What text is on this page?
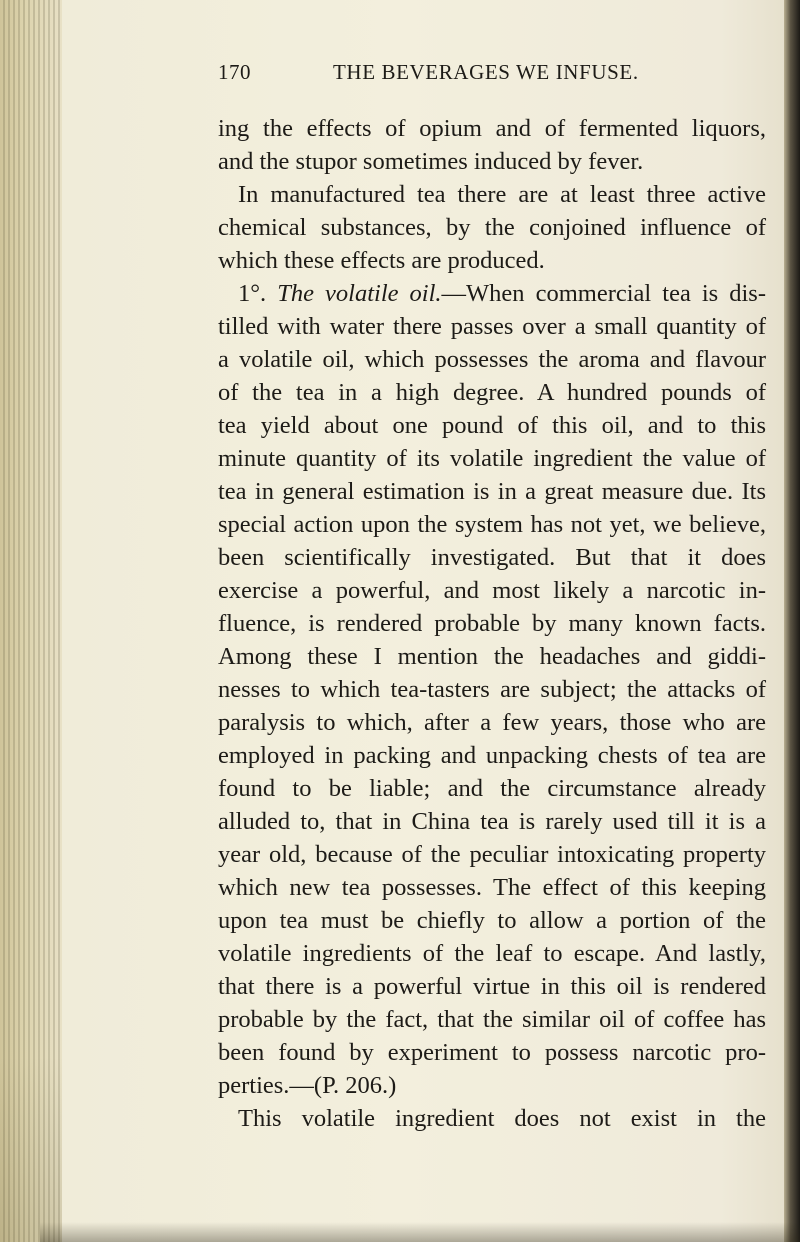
170	THE BEVERAGES WE INFUSE.
ing the effects of opium and of fermented liquors,
and the stupor sometimes induced by fever.
In manufactured tea there are at least three active
chemical substances, by the conjoined influence of
which these effects are produced.
1°. The volatile oil.—When commercial tea is dis-
tilled with water there passes over a small quantity of
a volatile oil, which possesses the aroma and flavour
of the tea in a high degree. A hundred pounds of
tea yield about one pound of this oil, and to this
minute quantity of its volatile ingredient the value of
tea in general estimation is in a great measure due. Its
special action upon the system has not yet, we believe,
been scientifically investigated. But that it does
exercise a powerful, and most likely a narcotic in-
fluence, is rendered probable by many known facts.
Among these I mention the headaches and giddi-
nesses to which tea-tasters are subject; the attacks of
paralysis to which, after a few years, those who are
employed in packing and unpacking chests of tea are
found to be liable; and the circumstance already
alluded to, that in China tea is rarely used till it is a
year old, because of the peculiar intoxicating property
which new tea possesses. The effect of this keeping
upon tea must be chiefly to allow a portion of the
volatile ingredients of the leaf to escape. And lastly,
that there is a powerful virtue in this oil is rendered
probable by the fact, that the similar oil of coffee has
been found by experiment to possess narcotic pro-
perties.—(P. 206.)
This volatile ingredient does not exist in the
